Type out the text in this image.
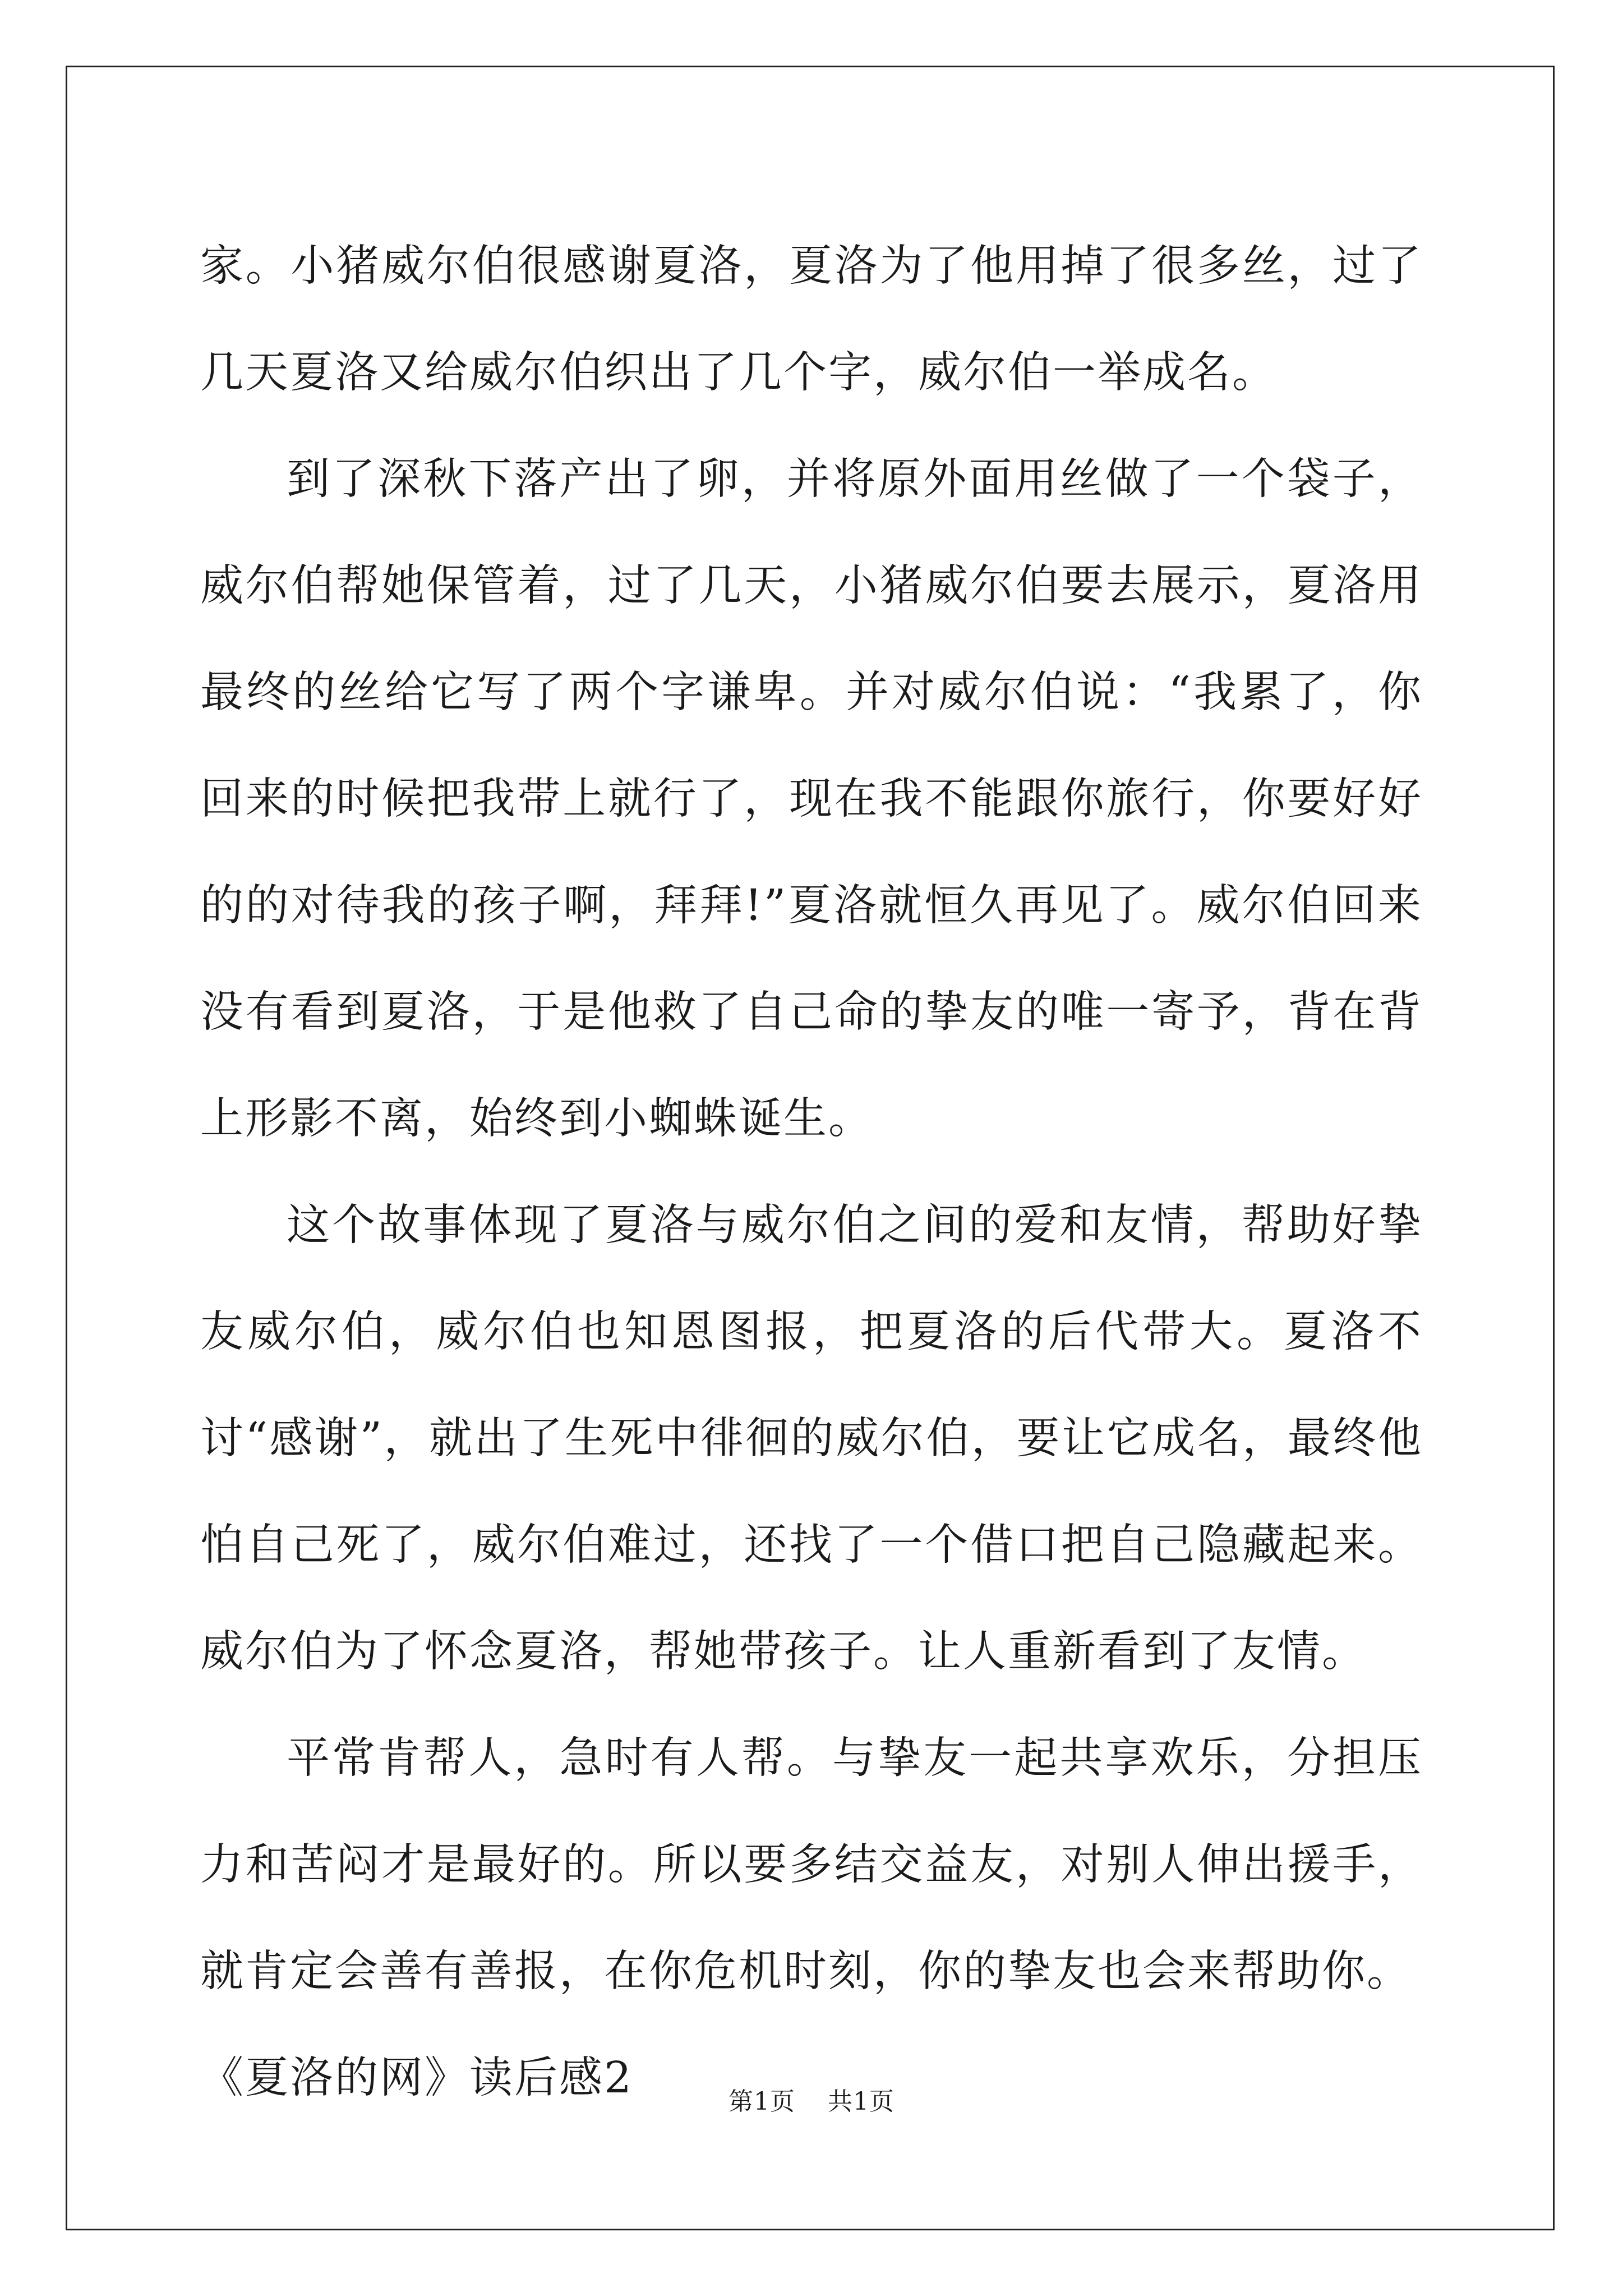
家。小猪威尔伯很感谢夏洛，夏洛为了他用掉了很多丝，过了几天夏洛又给威尔伯织出了几个字，威尔伯一举成名。

到了深秋下落产出了卵，并将原外面用丝做了一个袋子，威尔伯帮她保管着，过了几天，小猪威尔伯要去展示，夏洛用最终的丝给它写了两个字谦卑。并对威尔伯说：“我累了，你回来的时候把我带上就行了，现在我不能跟你旅行，你要好好的的对待我的孩子啊，拜拜!”夏洛就恒久再见了。威尔伯回来没有看到夏洛，于是他救了自己命的挚友的唯一寄予，背在背上形影不离，始终到小蜘蛛诞生。

这个故事体现了夏洛与威尔伯之间的爱和友情，帮助好挚友威尔伯，威尔伯也知恩图报，把夏洛的后代带大。夏洛不讨“感谢”，就出了生死中徘徊的威尔伯，要让它成名，最终他怕自己死了，威尔伯难过，还找了一个借口把自己隐藏起来。威尔伯为了怀念夏洛，帮她带孩子。让人重新看到了友情。

平常肯帮人，急时有人帮。与挚友一起共享欢乐，分担压力和苦闷才是最好的。所以要多结交益友，对别人伸出援手，就肯定会善有善报，在你危机时刻，你的挚友也会来帮助你。

《夏洛的网》读后感2	第1页 共1页
